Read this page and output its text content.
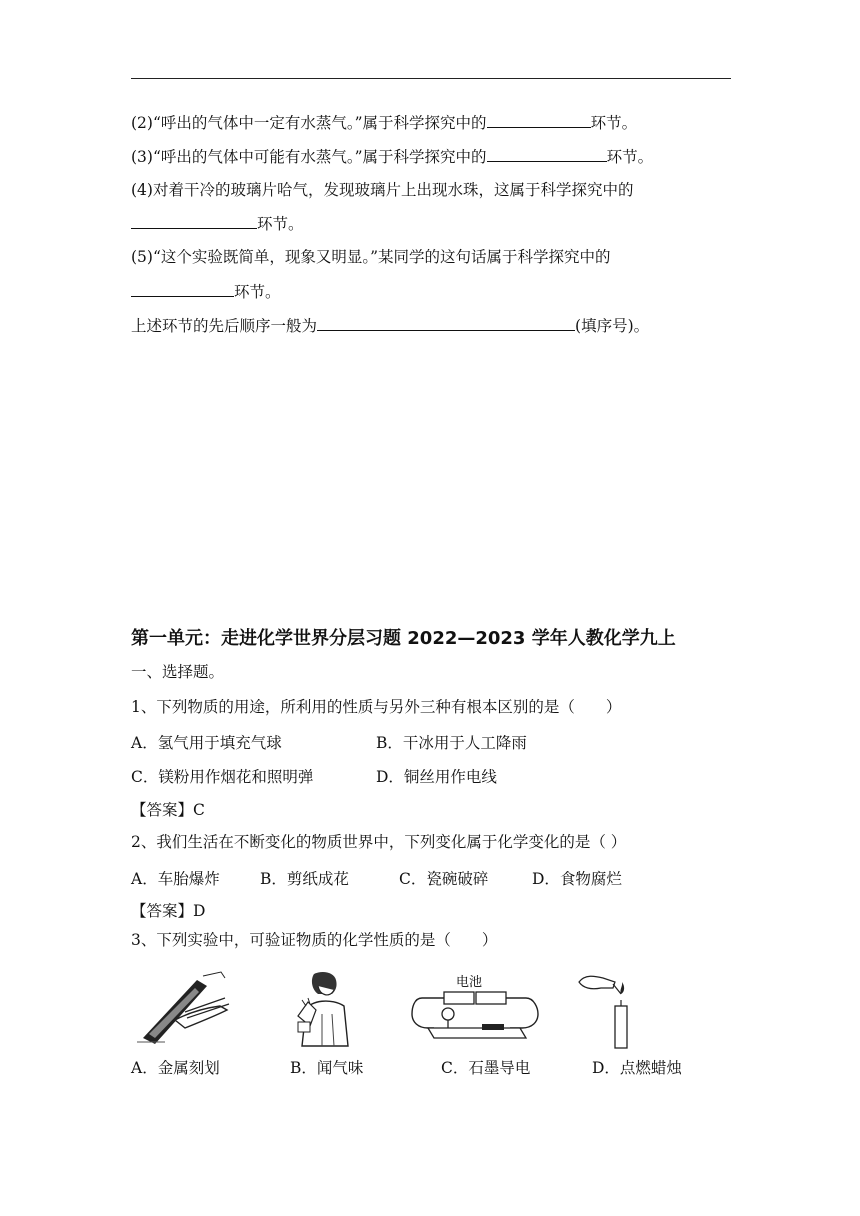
(2)“呼出的气体中一定有水蒸气。”属于科学探究中的	环节。
(3)“呼出的气体中可能有水蒸气。”属于科学探究中的	环节。
(4)对着干冷的玻璃片哈气，发现玻璃片上出现水珠，这属于科学探究中的
环节。
(5)“这个实验既简单，现象又明显。”某同学的这句话属于科学探究中的
环节。
上述环节的先后顺序一般为	(填序号)。
第一单元：走进化学世界分层习题 2022—2023 学年人教化学九上
一、选择题。
1、下列物质的用途，所利用的性质与另外三种有根本区别的是（　　）
A．氢气用于填充气球	B．干冰用于人工降雨
C．镁粉用作烟花和照明弹	D．铜丝用作电线
【答案】C
2、我们生活在不断变化的物质世界中，下列变化属于化学变化的是（ ）
A．车胎爆炸	B．剪纸成花	C．瓷碗破碎	D．食物腐烂
【答案】D
3、下列实验中，可验证物质的化学性质的是（　　）
电池
A．金属刻划	B．闻气味	C．石墨导电	D．点燃蜡烛
